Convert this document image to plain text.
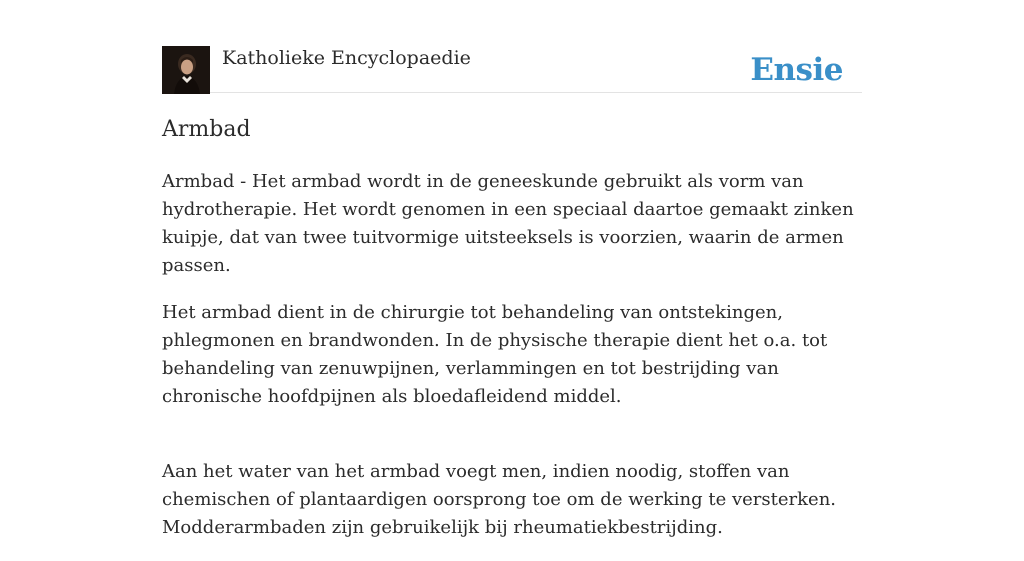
Katholieke Encyclopaedie	Ensie
Armbad

Armbad - Het armbad wordt in de geneeskunde gebruikt als vorm van hydrotherapie. Het wordt genomen in een speciaal daartoe gemaakt zinken kuipje, dat van twee tuitvormige uitsteeksels is voorzien, waarin de armen passen.

Het armbad dient in de chirurgie tot behandeling van ontstekingen, phlegmonen en brandwonden. In de physische therapie dient het o.a. tot behandeling van zenuwpijnen, verlammingen en tot bestrijding van chronische hoofdpijnen als bloedafleidend middel.

Aan het water van het armbad voegt men, indien noodig, stoffen van chemischen of plantaardigen oorsprong toe om de werking te versterken. Modderarmbaden zijn gebruikelijk bij rheumatiekbestrijding.
